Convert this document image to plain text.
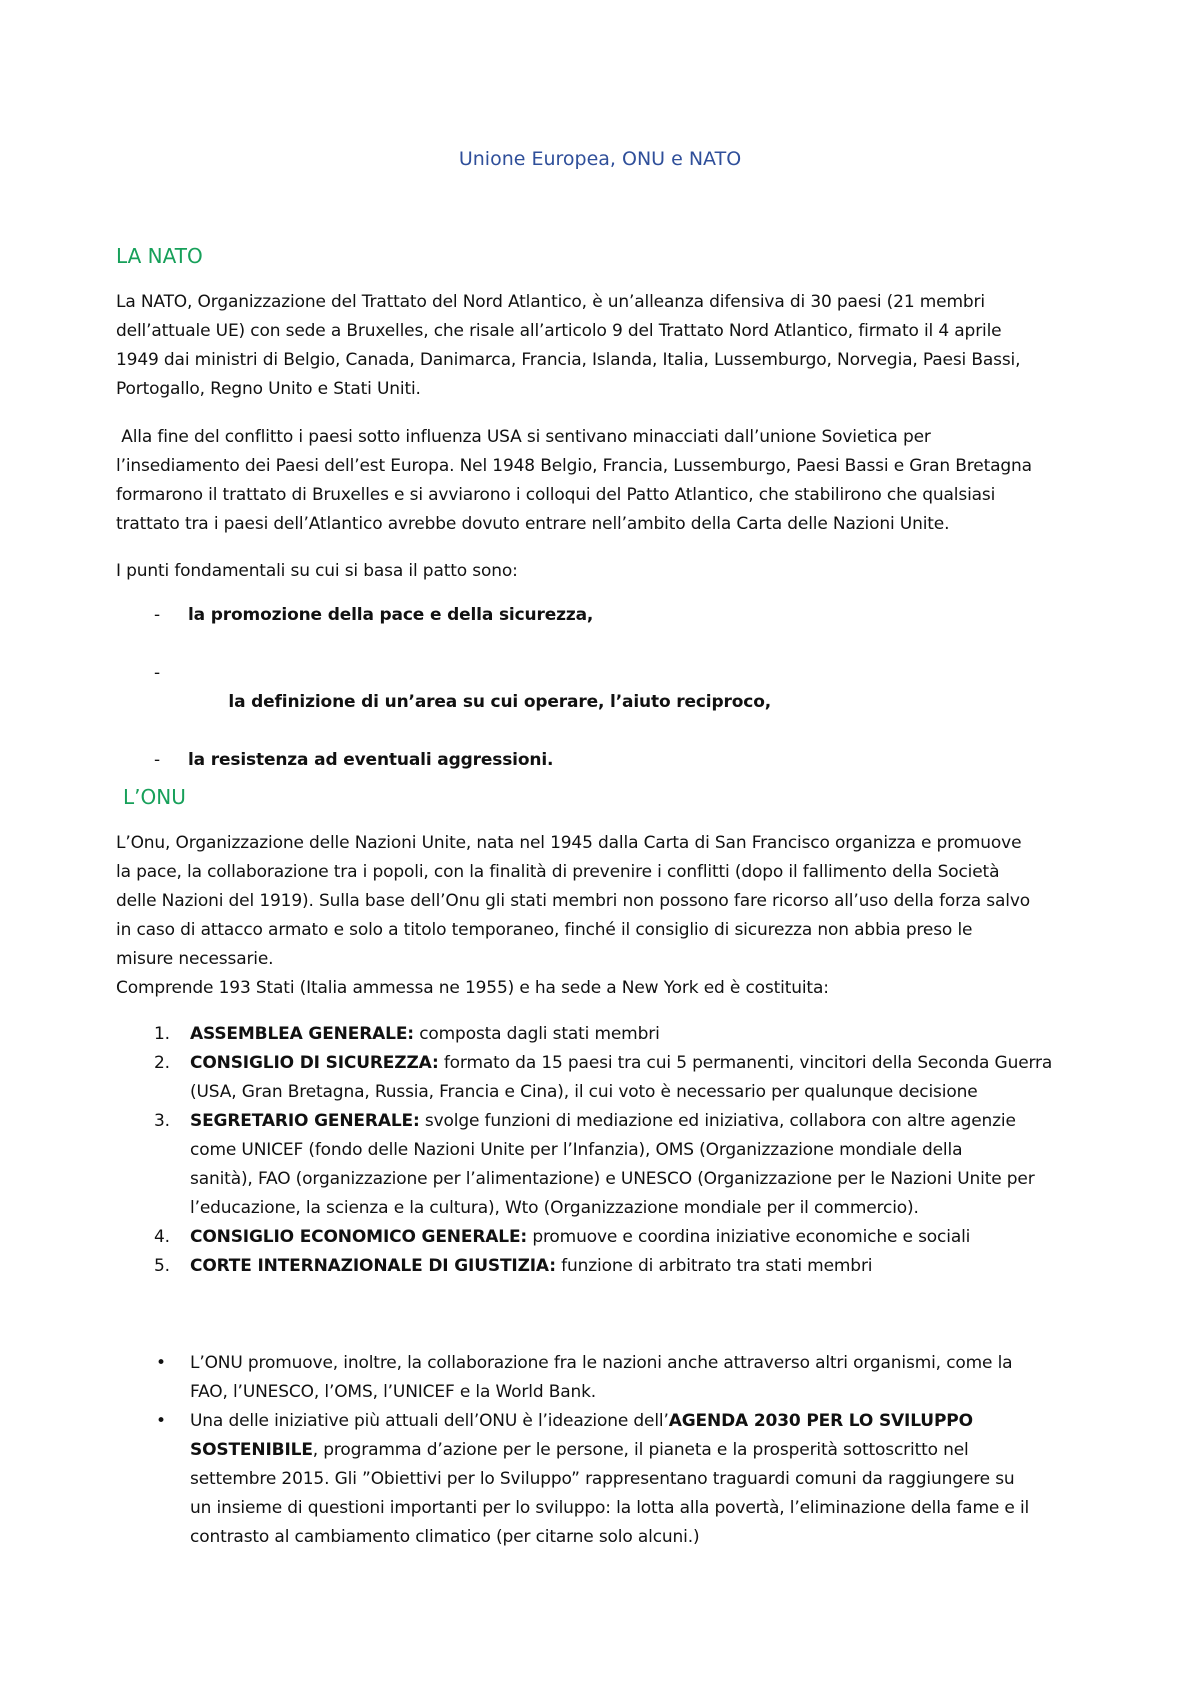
Unione Europea, ONU e NATO
LA NATO

La NATO, Organizzazione del Trattato del Nord Atlantico, è un’alleanza difensiva di 30 paesi (21 membri
dell’attuale UE) con sede a Bruxelles, che risale all’articolo 9 del Trattato Nord Atlantico, firmato il 4 aprile
1949 dai ministri di Belgio, Canada, Danimarca, Francia, Islanda, Italia, Lussemburgo, Norvegia, Paesi Bassi,
Portogallo, Regno Unito e Stati Uniti.

Alla fine del conflitto i paesi sotto influenza USA si sentivano minacciati dall’unione Sovietica per
l’insediamento dei Paesi dell’est Europa. Nel 1948 Belgio, Francia, Lussemburgo, Paesi Bassi e Gran Bretagna
formarono il trattato di Bruxelles e si avviarono i colloqui del Patto Atlantico, che stabilirono che qualsiasi
trattato tra i paesi dell’Atlantico avrebbe dovuto entrare nell’ambito della Carta delle Nazioni Unite.

I punti fondamentali su cui si basa il patto sono:

- la promozione della pace e della sicurezza,

-

la definizione di un’area su cui operare, l’aiuto reciproco,

- la resistenza ad eventuali aggressioni.
L’ONU

L’Onu, Organizzazione delle Nazioni Unite, nata nel 1945 dalla Carta di San Francisco organizza e promuove
la pace, la collaborazione tra i popoli, con la finalità di prevenire i conflitti (dopo il fallimento della Società
delle Nazioni del 1919). Sulla base dell’Onu gli stati membri non possono fare ricorso all’uso della forza salvo
in caso di attacco armato e solo a titolo temporaneo, finché il consiglio di sicurezza non abbia preso le
misure necessarie.
Comprende 193 Stati (Italia ammessa ne 1955) e ha sede a New York ed è costituita:

1. ASSEMBLEA GENERALE: composta dagli stati membri
2. CONSIGLIO DI SICUREZZA: formato da 15 paesi tra cui 5 permanenti, vincitori della Seconda Guerra
(USA, Gran Bretagna, Russia, Francia e Cina), il cui voto è necessario per qualunque decisione
3. SEGRETARIO GENERALE: svolge funzioni di mediazione ed iniziativa, collabora con altre agenzie
come UNICEF (fondo delle Nazioni Unite per l’Infanzia), OMS (Organizzazione mondiale della
sanità), FAO (organizzazione per l’alimentazione) e UNESCO (Organizzazione per le Nazioni Unite per
l’educazione, la scienza e la cultura), Wto (Organizzazione mondiale per il commercio).
4. CONSIGLIO ECONOMICO GENERALE: promuove e coordina iniziative economiche e sociali
5. CORTE INTERNAZIONALE DI GIUSTIZIA: funzione di arbitrato tra stati membri
• L’ONU promuove, inoltre, la collaborazione fra le nazioni anche attraverso altri organismi, come la
FAO, l’UNESCO, l’OMS, l’UNICEF e la World Bank.
• Una delle iniziative più attuali dell’ONU è l’ideazione dell’AGENDA 2030 PER LO SVILUPPO
SOSTENIBILE, programma d’azione per le persone, il pianeta e la prosperità sottoscritto nel
settembre 2015. Gli ”Obiettivi per lo Sviluppo” rappresentano traguardi comuni da raggiungere su
un insieme di questioni importanti per lo sviluppo: la lotta alla povertà, l’eliminazione della fame e il
contrasto al cambiamento climatico (per citarne solo alcuni.)
